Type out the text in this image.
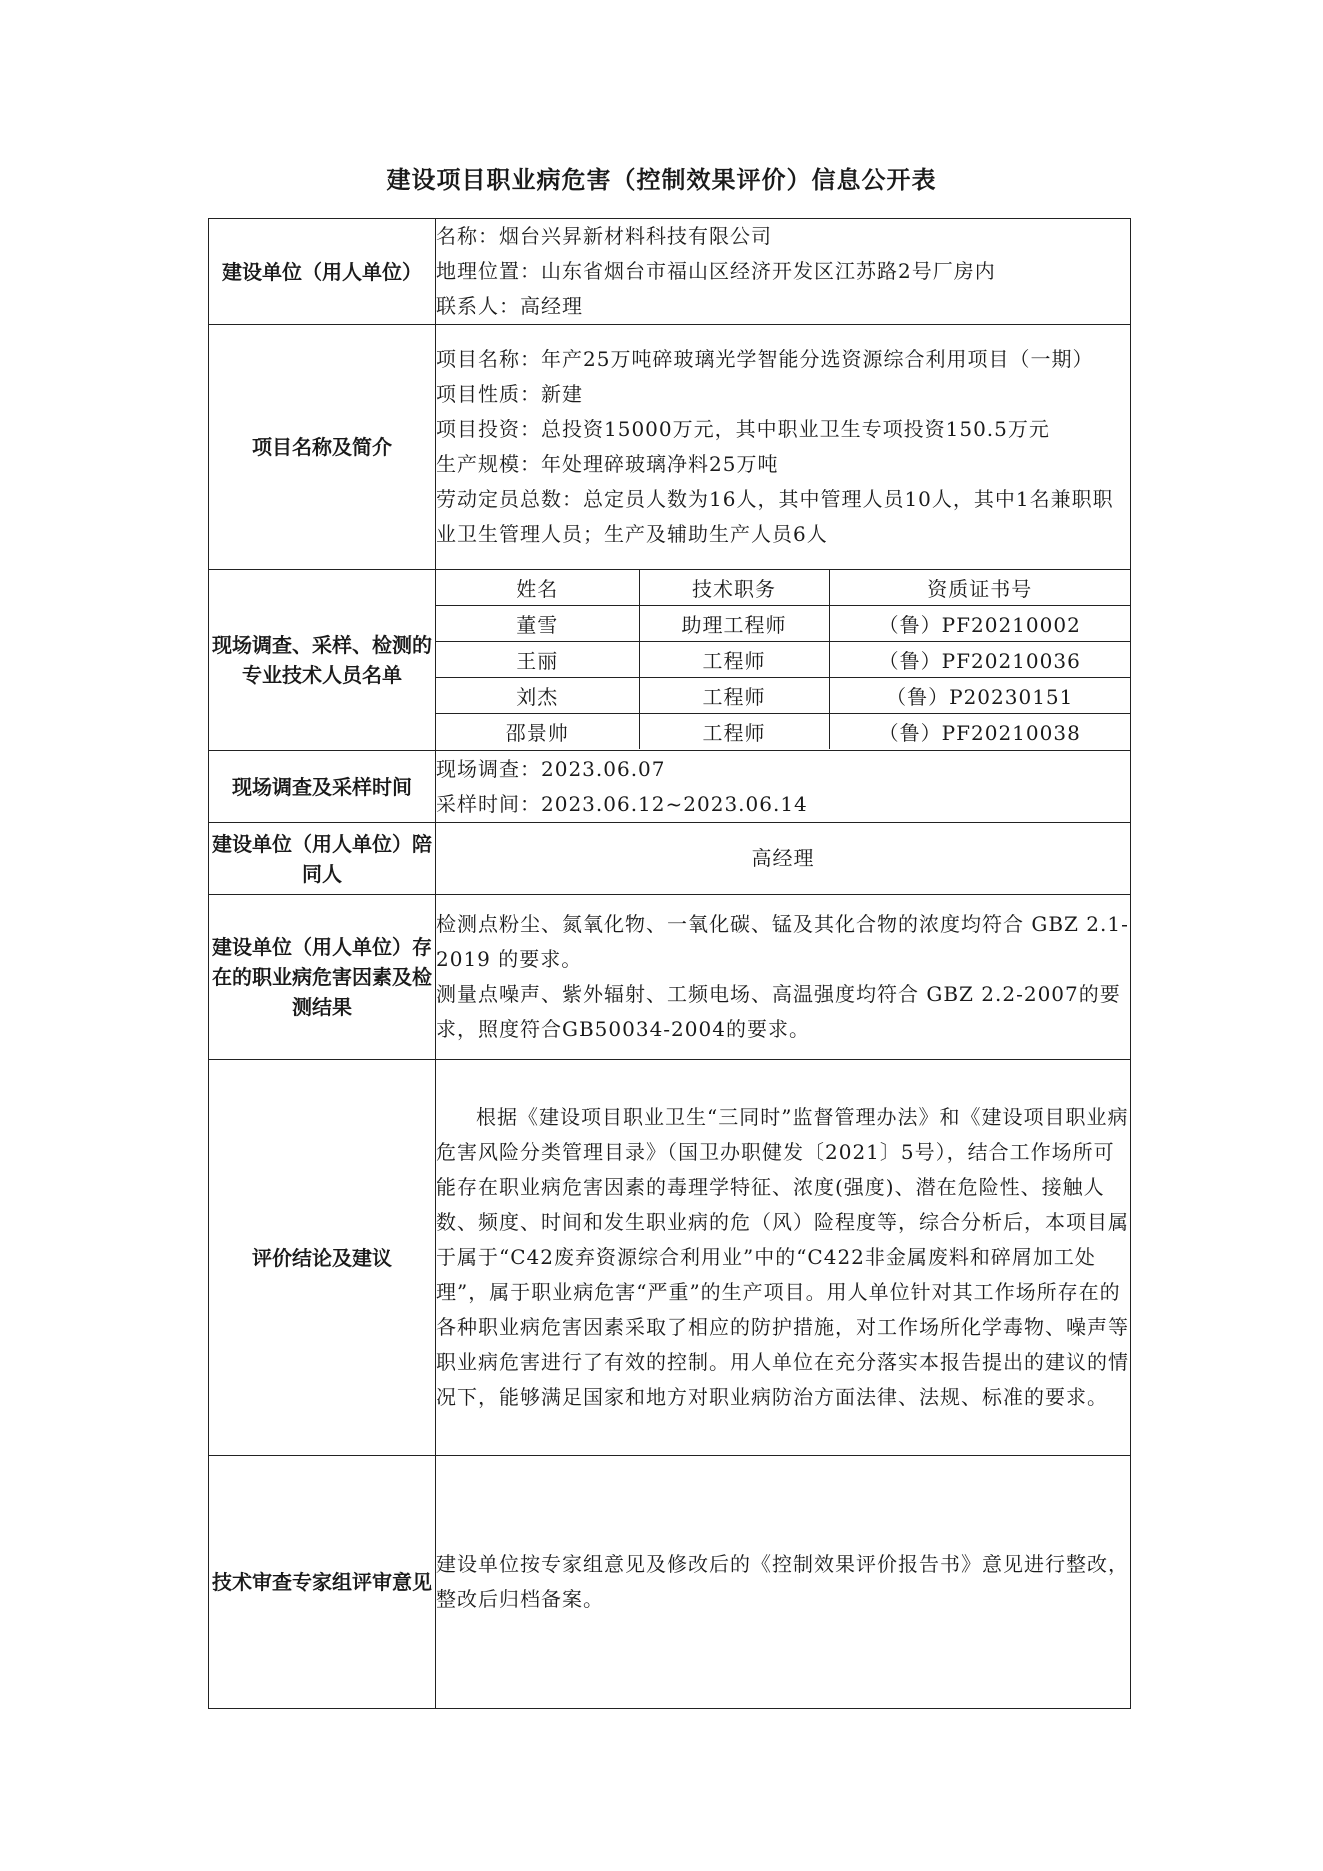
建设项目职业病危害（控制效果评价）信息公开表
建设单位（用人单位）	
名称：烟台兴昇新材料科技有限公司
地理位置：山东省烟台市福山区经济开发区江苏路2号厂房内
联系人：高经理

项目名称及简介	
项目名称：年产25万吨碎玻璃光学智能分选资源综合利用项目（一期）
项目性质：新建
项目投资：总投资15000万元，其中职业卫生专项投资150.5万元
生产规模：年处理碎玻璃净料25万吨
劳动定员总数：总定员人数为16人，其中管理人员10人，其中1名兼职职业卫生管理人员；生产及辅助生产人员6人

现场调查、采样、检测的专业技术人员名单	
姓名	技术职务	资质证书号
董雪	助理工程师	（鲁）PF20210002
王丽	工程师	（鲁）PF20210036
刘杰	工程师	（鲁）P20230151
邵景帅	工程师	（鲁）PF20210038

现场调查及采样时间	
现场调查：2023.06.07
采样时间：2023.06.12~2023.06.14

建设单位（用人单位）陪同人	高经理
建设单位（用人单位）存在的职业病危害因素及检测结果	
检测点粉尘、氮氧化物、一氧化碳、锰及其化合物的浓度均符合 GBZ 2.1-2019 的要求。
测量点噪声、紫外辐射、工频电场、高温强度均符合 GBZ 2.2-2007的要求，照度符合GB50034-2004的要求。

评价结论及建议	
根据《建设项目职业卫生“三同时”监督管理办法》和《建设项目职业病危害风险分类管理目录》（国卫办职健发〔2021〕5号），结合工作场所可能存在职业病危害因素的毒理学特征、浓度(强度)、潜在危险性、接触人数、频度、时间和发生职业病的危（风）险程度等，综合分析后，本项目属于属于“C42废弃资源综合利用业”中的“C422非金属废料和碎屑加工处理”，属于职业病危害“严重”的生产项目。用人单位针对其工作场所存在的各种职业病危害因素采取了相应的防护措施，对工作场所化学毒物、噪声等职业病危害进行了有效的控制。用人单位在充分落实本报告提出的建议的情况下，能够满足国家和地方对职业病防治方面法律、法规、标准的要求。

技术审查专家组评审意见	
建设单位按专家组意见及修改后的《控制效果评价报告书》意见进行整改，整改后归档备案。
